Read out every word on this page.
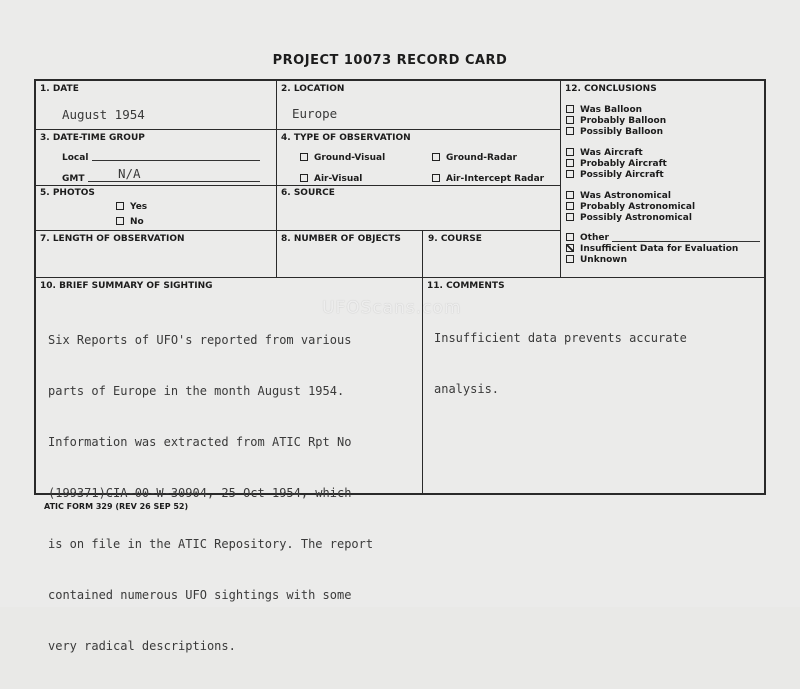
PROJECT 10073 RECORD CARD
1. DATE
August 1954
2. LOCATION
Europe
3. DATE-TIME GROUP
Local
GMT	N/A
4. TYPE OF OBSERVATION
Ground-Visual	Ground-Radar
Air-Visual	Air-Intercept Radar
5. PHOTOS
Yes
No
6. SOURCE
7. LENGTH OF OBSERVATION	8. NUMBER OF OBJECTS	9. COURSE
12. CONCLUSIONS
Was Balloon
Probably Balloon
Possibly Balloon
Was Aircraft
Probably Aircraft
Possibly Aircraft
Was Astronomical
Probably Astronomical
Possibly Astronomical
Other
Insufficient Data for Evaluation
Unknown
10. BRIEF SUMMARY OF SIGHTING

Six Reports of UFO's reported from various

parts of Europe in the month August 1954.

Information was extracted from ATIC Rpt No

(199371)CIA-00-W-30904, 25 Oct 1954, which

is on file in the ATIC Repository. The report

contained numerous UFO sightings with some

very radical descriptions.

11. COMMENTS

Insufficient data prevents accurate

analysis.

UFOScans.com
ATIC FORM 329 (REV 26 SEP 52)
